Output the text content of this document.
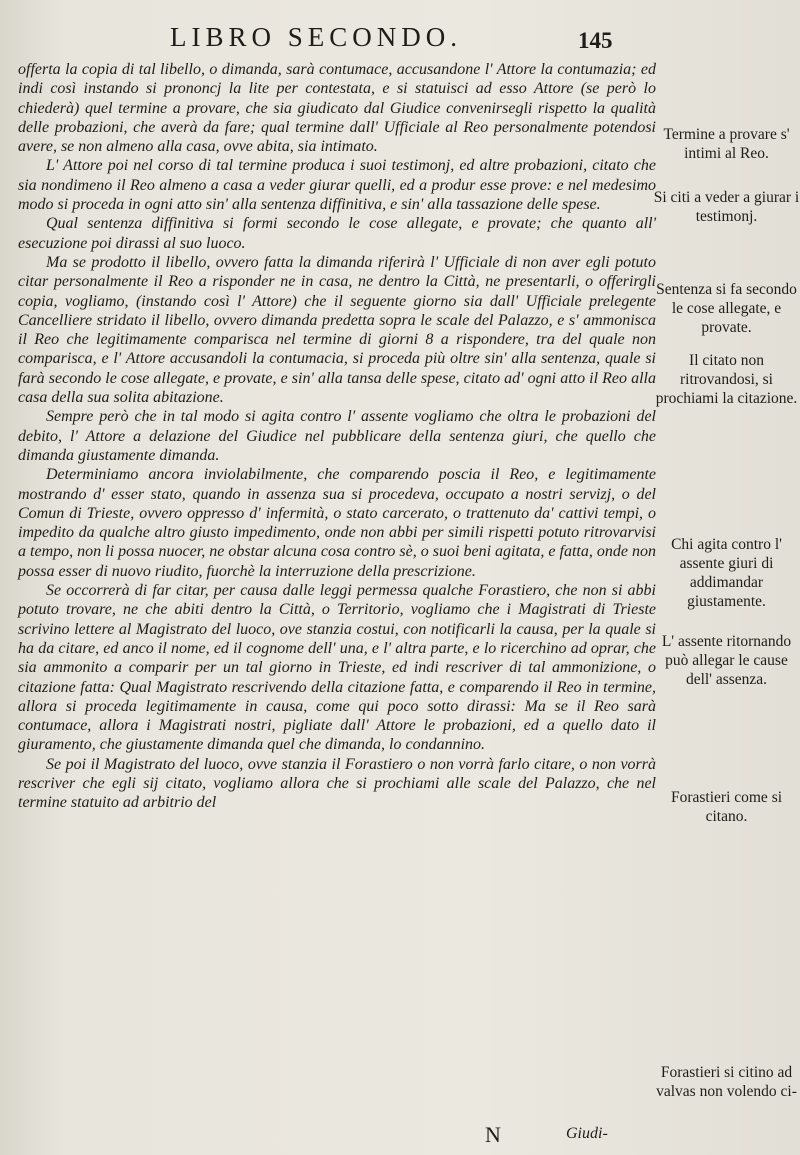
LIBRO SECONDO.	145

offerta la copia di tal libello, o dimanda, sarà contumace, accusandone l' Attore la contumazia; ed indi così instando si prononcj la lite per contestata, e si statuisci ad esso Attore (se però lo chiederà) quel termine a provare, che sia giudicato dal Giudice convenirsegli rispetto la qualità delle probazioni, che averà da fare; qual termine dall' Ufficiale al Reo personalmente potendosi avere, se non almeno alla casa, ovve abita, sia intimato.

L' Attore poi nel corso di tal termine produca i suoi testimonj, ed altre probazioni, citato che sia nondimeno il Reo almeno a casa a veder giurar quelli, ed a produr esse prove: e nel medesimo modo si proceda in ogni atto sin' alla sentenza diffinitiva, e sin' alla tassazione delle spese.

Qual sentenza diffinitiva si formi secondo le cose allegate, e provate; che quanto all' esecuzione poi dirassi al suo luoco.

Ma se prodotto il libello, ovvero fatta la dimanda riferirà l' Ufficiale di non aver egli potuto citar personalmente il Reo a risponder ne in casa, ne dentro la Città, ne presentarli, o offerirgli copia, vogliamo, (instando così l' Attore) che il seguente giorno sia dall' Ufficiale prelegente Cancelliere stridato il libello, ovvero dimanda predetta sopra le scale del Palazzo, e s' ammonisca il Reo che legitimamente comparisca nel termine di giorni 8 a rispondere, tra del quale non comparisca, e l' Attore accusandoli la contumacia, si proceda più oltre sin' alla sentenza, quale si farà secondo le cose allegate, e provate, e sin' alla tansa delle spese, citato ad' ogni atto il Reo alla casa della sua solita abitazione.

Sempre però che in tal modo si agita contro l' assente vogliamo che oltra le probazioni del debito, l' Attore a delazione del Giudice nel pubblicare della sentenza giuri, che quello che dimanda giustamente dimanda.

Determiniamo ancora inviolabilmente, che comparendo poscia il Reo, e legitimamente mostrando d' esser stato, quando in assenza sua si procedeva, occupato a nostri servizj, o del Comun di Trieste, ovvero oppresso d' infermità, o stato carcerato, o trattenuto da' cattivi tempi, o impedito da qualche altro giusto impedimento, onde non abbi per simili rispetti potuto ritrovarvisi a tempo, non li possa nuocer, ne obstar alcuna cosa contro sè, o suoi beni agitata, e fatta, onde non possa esser di nuovo riudito, fuorchè la interruzione della prescrizione.

Se occorrerà di far citar, per causa dalle leggi permessa qualche Forastiero, che non si abbi potuto trovare, ne che abiti dentro la Città, o Territorio, vogliamo che i Magistrati di Trieste scrivino lettere al Magistrato del luoco, ove stanzia costui, con notificarli la causa, per la quale si ha da citare, ed anco il nome, ed il cognome dell' una, e l' altra parte, e lo ricerchino ad oprar, che sia ammonito a comparir per un tal giorno in Trieste, ed indi rescriver di tal ammonizione, o citazione fatta: Qual Magistrato rescrivendo della citazione fatta, e comparendo il Reo in termine, allora si proceda legitimamente in causa, come qui poco sotto dirassi: Ma se il Reo sarà contumace, allora i Magistrati nostri, pigliate dall' Attore le probazioni, ed a quello dato il giuramento, che giustamente dimanda quel che dimanda, lo condannino.

Se poi il Magistrato del luoco, ovve stanzia il Forastiero o non vorrà farlo citare, o non vorrà rescriver che egli sij citato, vogliamo allora che si prochiami alle scale del Palazzo, che nel termine statuito ad arbitrio del

Termine a provare s' intimi al Reo.
Si citi a veder a giurar i testimonj.
Sentenza si fa secondo le cose allegate, e provate.
Il citato non ritrovandosi, si prochiami la citazione.
Chi agita contro l' assente giuri di addimandar giustamente.
L' assente ritornando può allegar le cause dell' assenza.
Forastieri come si citano.
Forastieri si citino ad valvas non volendo ci-
N	Giudi-
